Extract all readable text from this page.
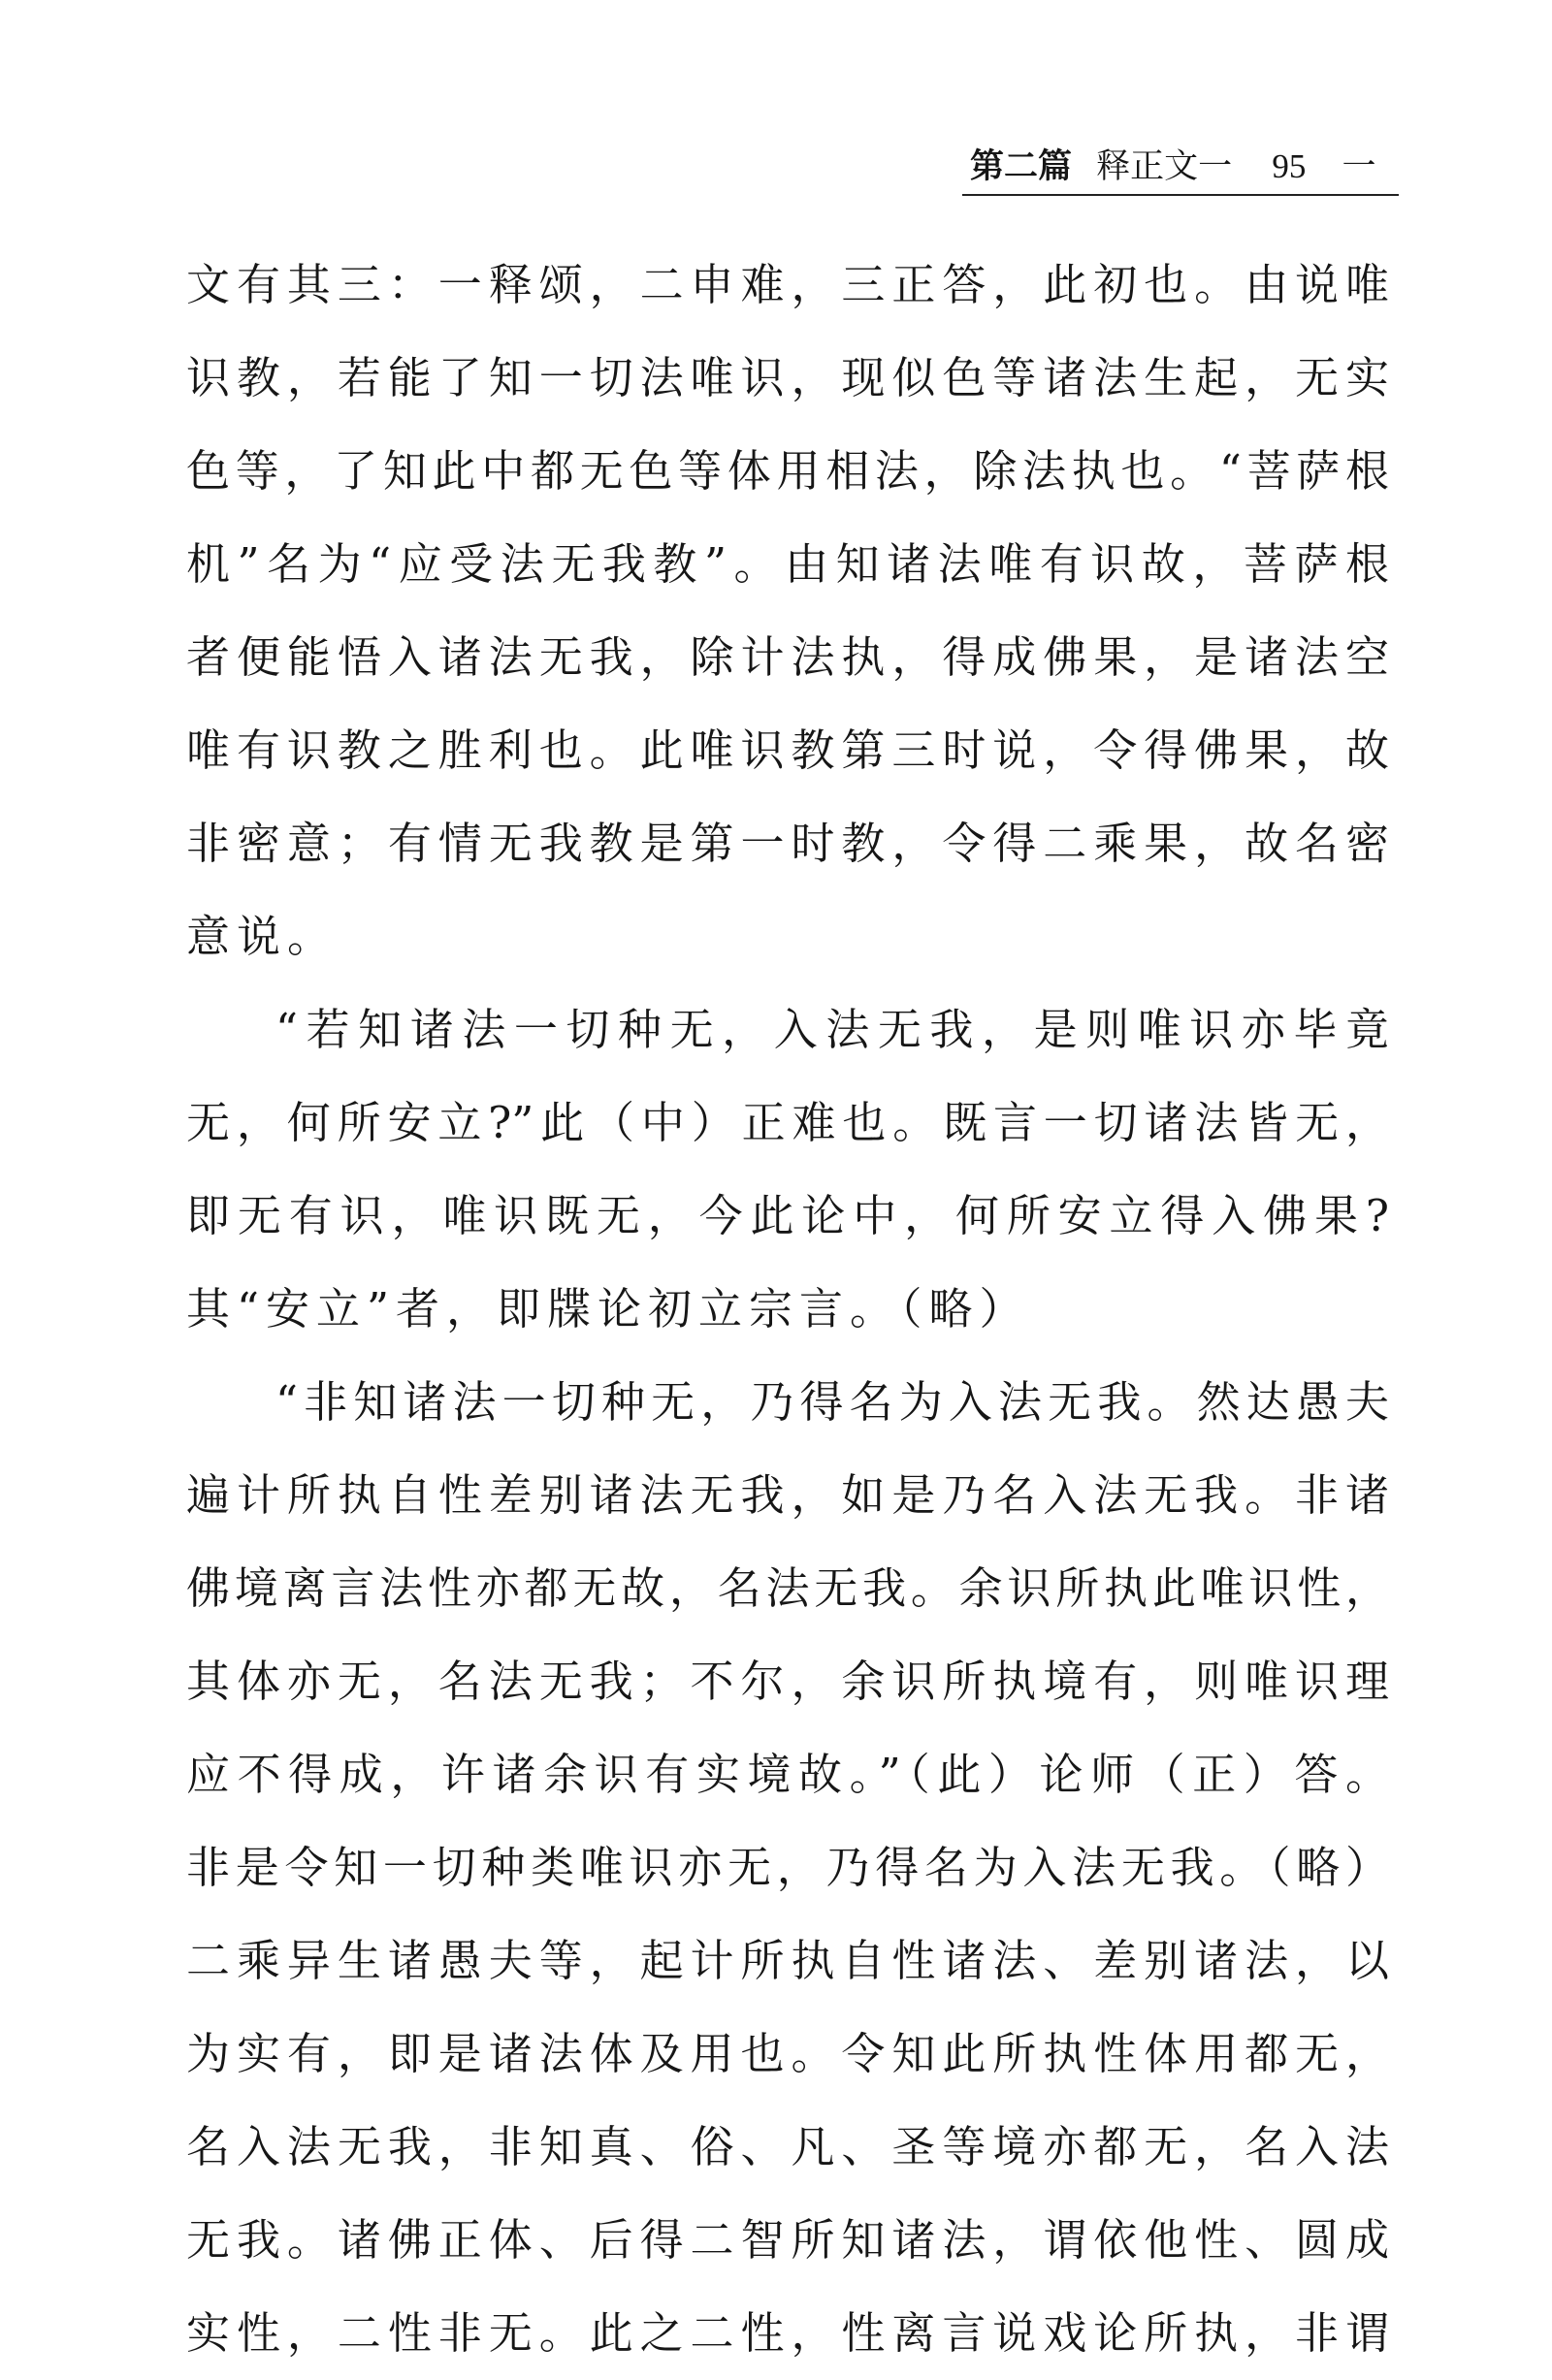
第二篇 释正文一 95 一
文有其三：一释颂，二申难，三正答，此初也。由说唯
识教，若能了知一切法唯识，现似色等诸法生起，无实
色等，了知此中都无色等体用相法，除法执也。“菩萨根
机”名为“应受法无我教”。由知诸法唯有识故，菩萨根
者便能悟入诸法无我，除计法执，得成佛果，是诸法空
唯有识教之胜利也。此唯识教第三时说，令得佛果，故
非密意；有情无我教是第一时教，令得二乘果，故名密
意说。
“若知诸法一切种无，入法无我，是则唯识亦毕竟
无，何所安立?”此（中）正难也。既言一切诸法皆无，
即无有识，唯识既无，今此论中，何所安立得入佛果?
其“安立”者，即牒论初立宗言。（略）
“非知诸法一切种无，乃得名为入法无我。然达愚夫
遍计所执自性差别诸法无我，如是乃名入法无我。非诸
佛境离言法性亦都无故，名法无我。余识所执此唯识性，
其体亦无，名法无我；不尔，余识所执境有，则唯识理
应不得成，许诸余识有实境故。”（此）论师（正）答。
非是令知一切种类唯识亦无，乃得名为入法无我。（略）
二乘异生诸愚夫等，起计所执自性诸法、差别诸法，以
为实有，即是诸法体及用也。令知此所执性体用都无，
名入法无我，非知真、俗、凡、圣等境亦都无，名入法
无我。诸佛正体、后得二智所知诸法，谓依他性、圆成
实性，二性非无。此之二性，性离言说戏论所执，非谓
